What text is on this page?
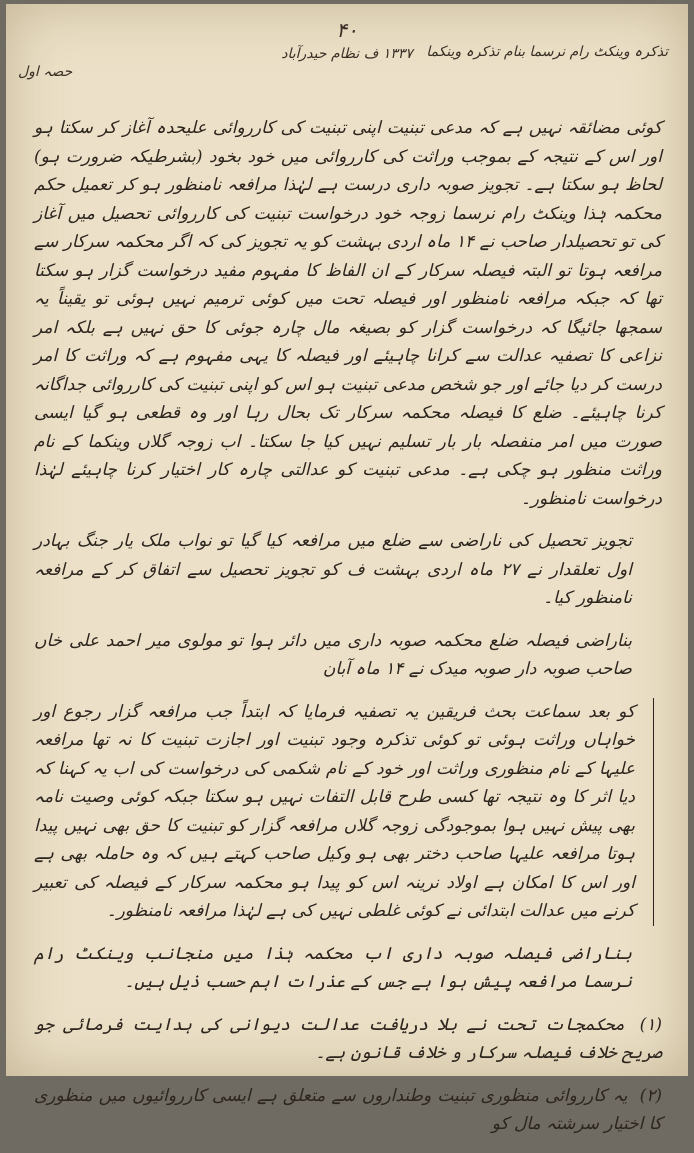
تذکرہ وینکٹ رام نرسما بنام تذکرہ وینکما
۴۰
۱۳۳۷ ف نظام حیدرآباد
حصہ اول

کوئی مضائقہ نہیں ہے کہ مدعی تبنیت اپنی تبنیت کی کارروائی علیحدہ آغاز کر سکتا ہو اور اس کے نتیجہ کے بموجب وراثت کی کارروائی میں خود بخود (بشرطیکہ ضرورت ہو) لحاظ ہو سکتا ہے۔ تجویز صوبہ داری درست ہے لہٰذا مرافعہ نامنظور ہو کر تعمیل حکم محکمہ ہٰذا وینکٹ رام نرسما زوجہ خود درخواست تبنیت کی کارروائی تحصیل میں آغاز کی تو تحصیلدار صاحب نے ۱۴ ماہ اردی بہشت کو یہ تجویز کی کہ اگر محکمہ سرکار سے مرافعہ ہوتا تو البتہ فیصلہ سرکار کے ان الفاظ کا مفہوم مفید درخواست گزار ہو سکتا تھا کہ جبکہ مرافعہ نامنظور اور فیصلہ تحت میں کوئی ترمیم نہیں ہوئی تو یقیناً یہ سمجھا جائیگا کہ درخواست گزار کو بصیغہ مال چارہ جوئی کا حق نہیں ہے بلکہ امر نزاعی کا تصفیہ عدالت سے کرانا چاہیئے اور فیصلہ کا یہی مفہوم ہے کہ وراثت کا امر درست کر دیا جائے اور جو شخص مدعی تبنیت ہو اس کو اپنی تبنیت کی کارروائی جداگانہ کرنا چاہیئے۔ ضلع کا فیصلہ محکمہ سرکار تک بحال رہا اور وہ قطعی ہو گیا ایسی صورت میں امر منفصلہ بار بار تسلیم نہیں کیا جا سکتا۔ اب زوجہ گلاں وینکما کے نام وراثت منظور ہو چکی ہے۔ مدعی تبنیت کو عدالتی چارہ کار اختیار کرنا چاہیئے لہٰذا درخواست نامنظور۔

تجویز تحصیل کی ناراضی سے ضلع میں مرافعہ کیا گیا تو نواب ملک یار جنگ بہادر اول تعلقدار نے ۲۷ ماہ اردی بہشت ف کو تجویز تحصیل سے اتفاق کر کے مرافعہ نامنظور کیا۔

بناراضی فیصلہ ضلع محکمہ صوبہ داری میں دائر ہوا تو مولوی میر احمد علی خاں صاحب صوبہ دار صوبہ میدک نے ۱۴ ماہ آبان

کو بعد سماعت بحث فریقین یہ تصفیہ فرمایا کہ ابتداً جب مرافعہ گزار رجوع اور خواہاں وراثت ہوئی تو کوئی تذکرہ وجود تبنیت اور اجازت تبنیت کا نہ تھا مرافعہ علیہا کے نام منظوری وراثت اور خود کے نام شکمی کی درخواست کی اب یہ کہنا کہ دیا اثر کا وہ نتیجہ تھا کسی طرح قابل التفات نہیں ہو سکتا جبکہ کوئی وصیت نامہ بھی پیش نہیں ہوا بموجودگی زوجہ گلاں مرافعہ گزار کو تبنیت کا حق بھی نہیں پیدا ہوتا مرافعہ علیہا صاحب دختر بھی ہو وکیل صاحب کہتے ہیں کہ وہ حاملہ بھی ہے اور اس کا امکان ہے اولاد نرینہ اس کو پیدا ہو محکمہ سرکار کے فیصلہ کی تعبیر کرنے میں عدالت ابتدائی نے کوئی غلطی نہیں کی ہے لہٰذا مرافعہ نامنظور۔

بناراضی فیصلہ صوبہ داری اب محکمہ ہٰذا میں منجانب وینکٹ رام نرسما مرافعہ پیش ہوا ہے جس کے عذرات اہم حسب ذیل ہیں۔

(۱) محکمجات تحت نے بلا دریافت عدالت دیوانی کی ہدایت فرمائی جو صریح خلاف فیصلہ سرکار و خلاف قانون ہے۔
(۲) یہ کارروائی منظوری تبنیت وطنداروں سے متعلق ہے ایسی کارروائیوں میں منظوری کا اختیار سرشتہ مال کو
